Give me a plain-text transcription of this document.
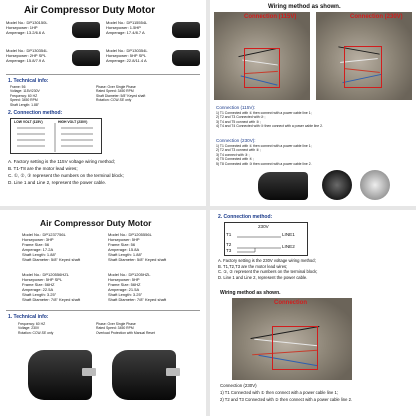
Air Compressor Duty Motor
Model No.: DP130150L
Horsepower: 1HP
Amperage: 13.2/6.6 A
Model No.: DP115554L
Horsepower: 1.5HP
Amperage: 17.4/8.7 A
Model No.: DP130354L
Horsepower: 2HP SPL
Amperage: 15.8/7.9 A
Model No.: DP130354L
Horsepower: 5HP SPL
Amperage: 22.8/11.4 A
1. Technical info:
Frame: 56
Voltage: 115V/230V
Frequency: 60 HZ
Speed: 3450 RPM
Shaft Length: 1.88"
Phase: Over Single Phase
Rated Speed: 3450 RPM
Shaft Diameter: 5/8" Keyed shaft
Rotation: CCW-SE only
2. Connection method:
LOW VOLT (115V)	HIGH VOLT (230V)
A. Factory setting is the 115V voltage wiring method;
B. T1-T8 are the motor lead wires;
C. ①, ②, ③ represent the numbers on the terminal block;
D. Line 1 and Line 2, represent the power cable.
Wiring method as shown.
Connection (115V)	Connection (230V)
Connection (115V):
1) T1 Connected with ① then connect with a power cable line 1;
2) T2 and T3 Connected with ② ;
3) T4 and T5 connect with ③ ;
4) T4 and T4 Connected with ④ then connect with a power cable line 2.
Connection (230V):
1) T1 Connected with ① then connect with a power cable line 1;
2) T2 and T3 connect with ② ;
3) T4 connect with ③ ;
4) T5 Connected with ④ ;
5) T8 Connected with ③ then connect with a power cable line 2.
Air Compressor Duty Motor
Model No.: DP1237756L
Horsepower: 3HP
Frame Size: 56
Amperage: 17.2A
Shaft Length: 1.88"
Shaft Diameter: 5/8" Keyed shaft
Model No.: DP1205556L
Horsepower: 5HP
Frame Size: 56
Amperage: 15.8A
Shaft Length: 1.88"
Shaft Diameter: 5/8" Keyed shaft
Model No.: DP120556HZL
Horsepower: 5HP SPL
Frame Size: 56HZ
Amperage: 22.5A
Shaft Length: 3.25"
Shaft Diameter: 7/8" Keyed shaft
Model No.: DP1205HZL
Horsepower: 5HP
Frame Size: 56HZ
Amperage: 21.5A
Shaft Length: 3.25"
Shaft Diameter: 7/8" Keyed shaft
1. Technical info:
Frequency: 60 HZ
Voltage: 230V
Rotation: CCW-SE only
Phase: Over Single Phase
Rated Speed: 3450 RPM
Overload Protection with Manual Reset
2. Connection method:
230V
T1	LINE1
T2
T3
LINE2
A. Factory setting is the 230V voltage wiring method;
B. T1,T2,T3 are the motor lead wires;
C. ①, ② represent the numbers on the terminal block;
D. Line 1 and Line 2, represent the power cable.
Wiring method as shown.
Connection
Connection (230V)
1) T1 Connected with ① then connect with a power cable line 1;
2) T2 and T3 Connected with ② then connect with a power cable line 2.
